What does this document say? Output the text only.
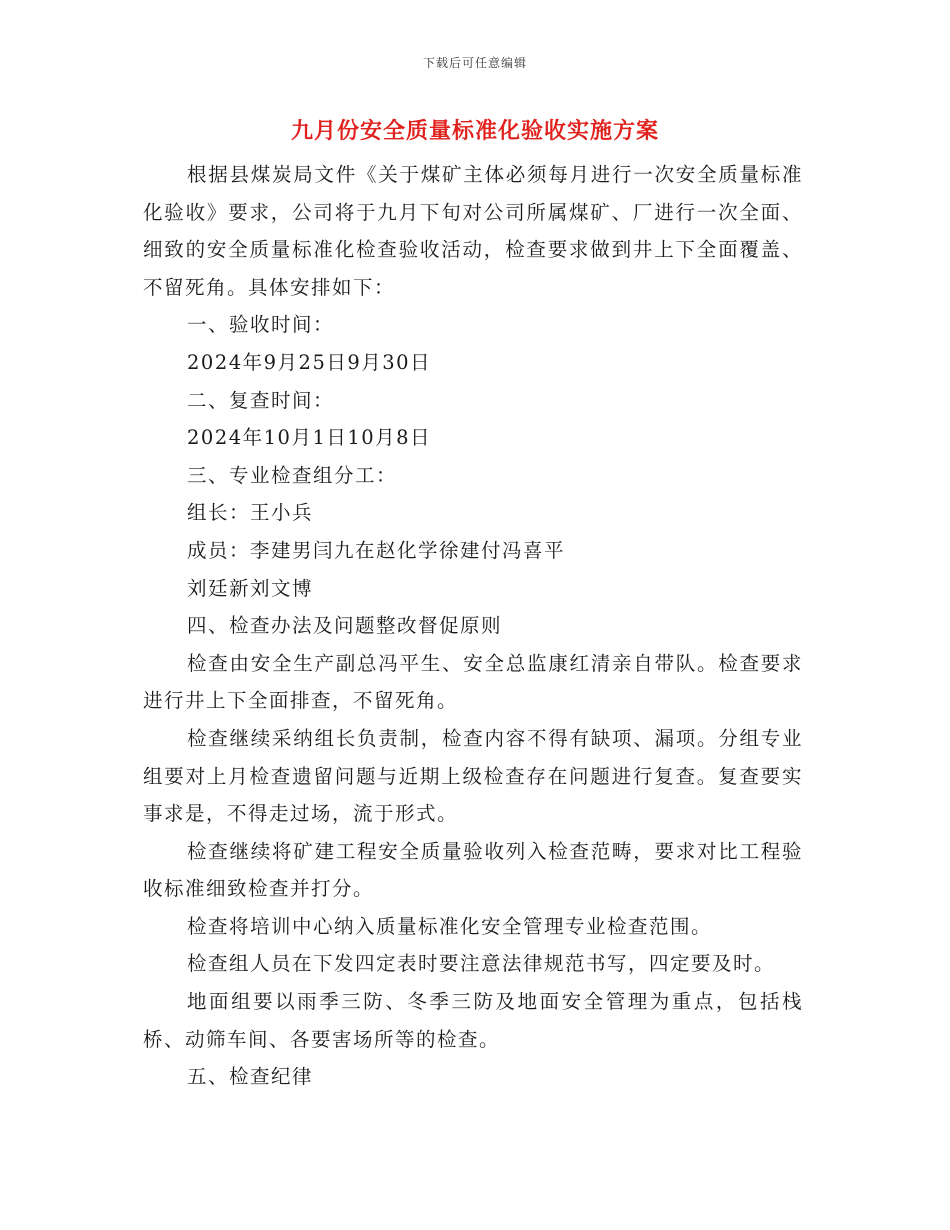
下载后可任意编辑
九月份安全质量标准化验收实施方案

根据县煤炭局文件《关于煤矿主体必须每月进行一次安全质量标准化验收》要求，公司将于九月下旬对公司所属煤矿、厂进行一次全面、细致的安全质量标准化检查验收活动，检查要求做到井上下全面覆盖、不留死角。具体安排如下：

一、验收时间：

2024年9月25日9月30日

二、复查时间：

2024年10月1日10月8日

三、专业检查组分工：

组长：王小兵

成员：李建男闫九在赵化学徐建付冯喜平

刘廷新刘文博

四、检查办法及问题整改督促原则

检查由安全生产副总冯平生、安全总监康红清亲自带队。检查要求进行井上下全面排查，不留死角。

检查继续采纳组长负责制，检查内容不得有缺项、漏项。分组专业组要对上月检查遗留问题与近期上级检查存在问题进行复查。复查要实事求是，不得走过场，流于形式。

检查继续将矿建工程安全质量验收列入检查范畴，要求对比工程验收标准细致检查并打分。

检查将培训中心纳入质量标准化安全管理专业检查范围。

检查组人员在下发四定表时要注意法律规范书写，四定要及时。

地面组要以雨季三防、冬季三防及地面安全管理为重点，包括栈桥、动筛车间、各要害场所等的检查。

五、检查纪律
